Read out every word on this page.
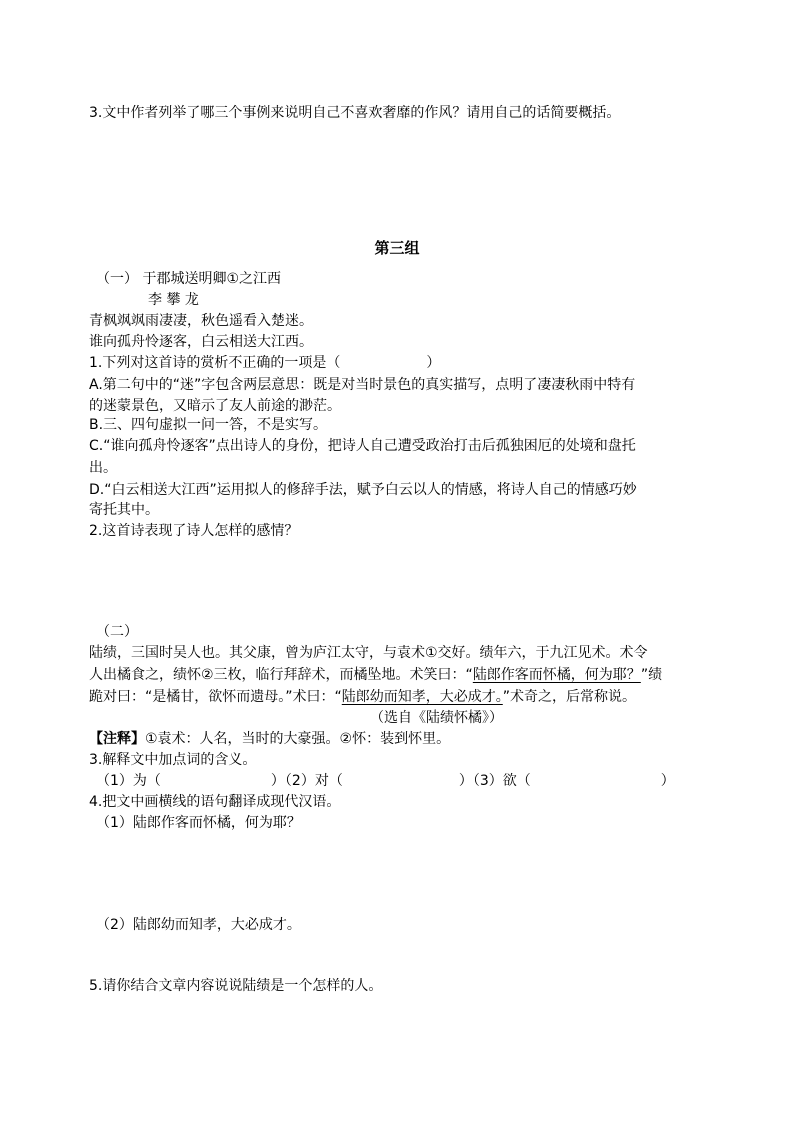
3.文中作者列举了哪三个事例来说明自己不喜欢奢靡的作风？请用自己的话简要概括。
第三组
（一） 于郡城送明卿①之江西
李 攀 龙
青枫飒飒雨凄凄，秋色遥看入楚迷。
谁向孤舟怜逐客，白云相送大江西。
1.下列对这首诗的赏析不正确的一项是（	）
A.第二句中的“迷”字包含两层意思：既是对当时景色的真实描写，点明了凄凄秋雨中特有
的迷蒙景色，又暗示了友人前途的渺茫。
B.三、四句虚拟一问一答，不是实写。
C.“谁向孤舟怜逐客”点出诗人的身份，把诗人自己遭受政治打击后孤独困厄的处境和盘托
出。
D.“白云相送大江西”运用拟人的修辞手法，赋予白云以人的情感，将诗人自己的情感巧妙
寄托其中。
2.这首诗表现了诗人怎样的感情？
（二）
陆绩，三国时吴人也。其父康，曾为庐江太守，与袁术①交好。绩年六，于九江见术。术令
人出橘食之，绩怀②三枚，临行拜辞术，而橘坠地。术笑曰：“陆郎作客而怀橘，何为耶？”绩
跪对曰：“是橘甘，欲怀而遗母。”术曰：“陆郎幼而知孝，大必成才。”术奇之，后常称说。
（选自《陆绩怀橘》）
【注释】①袁术：人名，当时的大豪强。②怀：装到怀里。
3.解释文中加点词的含义。
（1）为（	）（2）对（	）（3）欲（	）
4.把文中画横线的语句翻译成现代汉语。
（1）陆郎作客而怀橘，何为耶？
（2）陆郎幼而知孝，大必成才。
5.请你结合文章内容说说陆绩是一个怎样的人。
